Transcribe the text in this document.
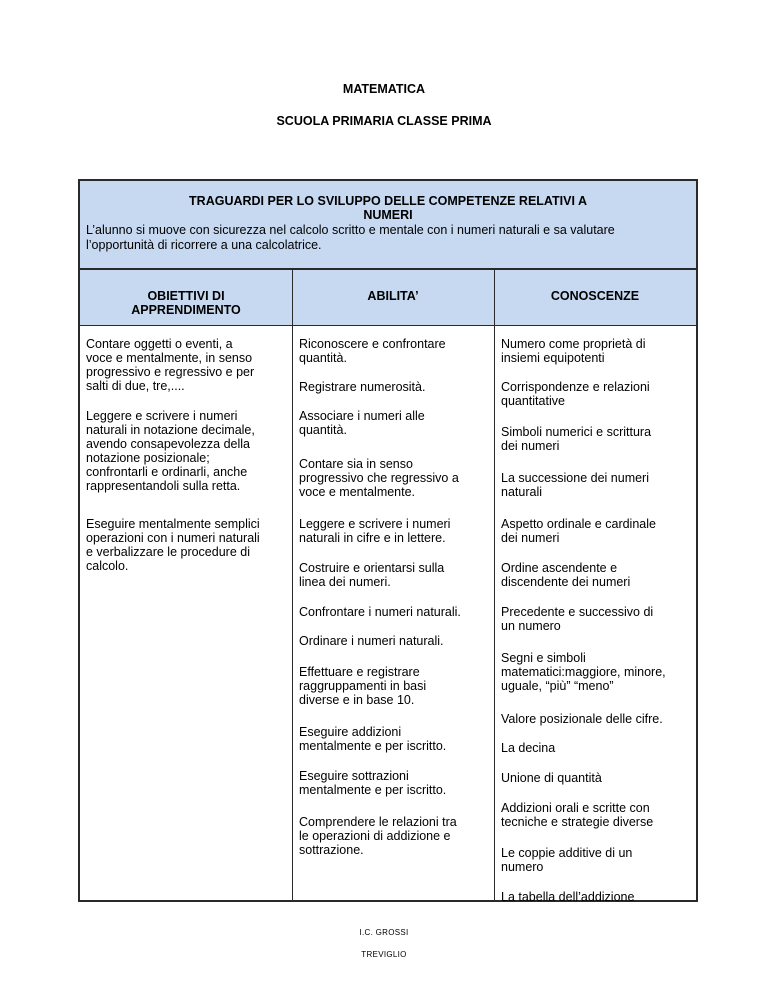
MATEMATICA
SCUOLA PRIMARIA CLASSE PRIMA
TRAGUARDI PER LO SVILUPPO DELLE COMPETENZE RELATIVI A
NUMERI
L’alunno si muove con sicurezza nel calcolo scritto e mentale con i numeri naturali e sa valutare
l’opportunità di ricorrere a una calcolatrice.
OBIETTIVI DI
APPRENDIMENTO
ABILITA’	CONOSCENZE
Contare oggetti o eventi, a
voce e mentalmente, in senso
progressivo e regressivo e per
salti di due, tre,....
Leggere e scrivere i numeri
naturali in notazione decimale,
avendo consapevolezza della
notazione posizionale;
confrontarli e ordinarli, anche
rappresentandoli sulla retta.
Eseguire mentalmente semplici
operazioni con i numeri naturali
e verbalizzare le procedure di
calcolo.
Riconoscere e confrontare
quantità.
Registrare numerosità.
Associare i numeri alle
quantità.
Contare sia in senso
progressivo che regressivo a
voce e mentalmente.
Leggere e scrivere i numeri
naturali in cifre e in lettere.
Costruire e orientarsi sulla
linea dei numeri.
Confrontare i numeri naturali.
Ordinare i numeri naturali.
Effettuare e registrare
raggruppamenti in basi
diverse e in base 10.
Eseguire addizioni
mentalmente e per iscritto.
Eseguire sottrazioni
mentalmente e per iscritto.
Comprendere le relazioni tra
le operazioni di addizione e
sottrazione.
Numero come proprietà di
insiemi equipotenti
Corrispondenze e relazioni
quantitative
Simboli numerici e scrittura
dei numeri
La successione dei numeri
naturali
Aspetto ordinale e cardinale
dei numeri
Ordine ascendente e
discendente dei numeri
Precedente e successivo di
un numero
Segni e simboli
matematici:maggiore, minore,
uguale, “più” “meno”
Valore posizionale delle cifre.
La decina
Unione di quantità
Addizioni orali e scritte con
tecniche e strategie diverse
Le coppie additive di un
numero
La tabella dell’addizione
I.C. GROSSI
TREVIGLIO
